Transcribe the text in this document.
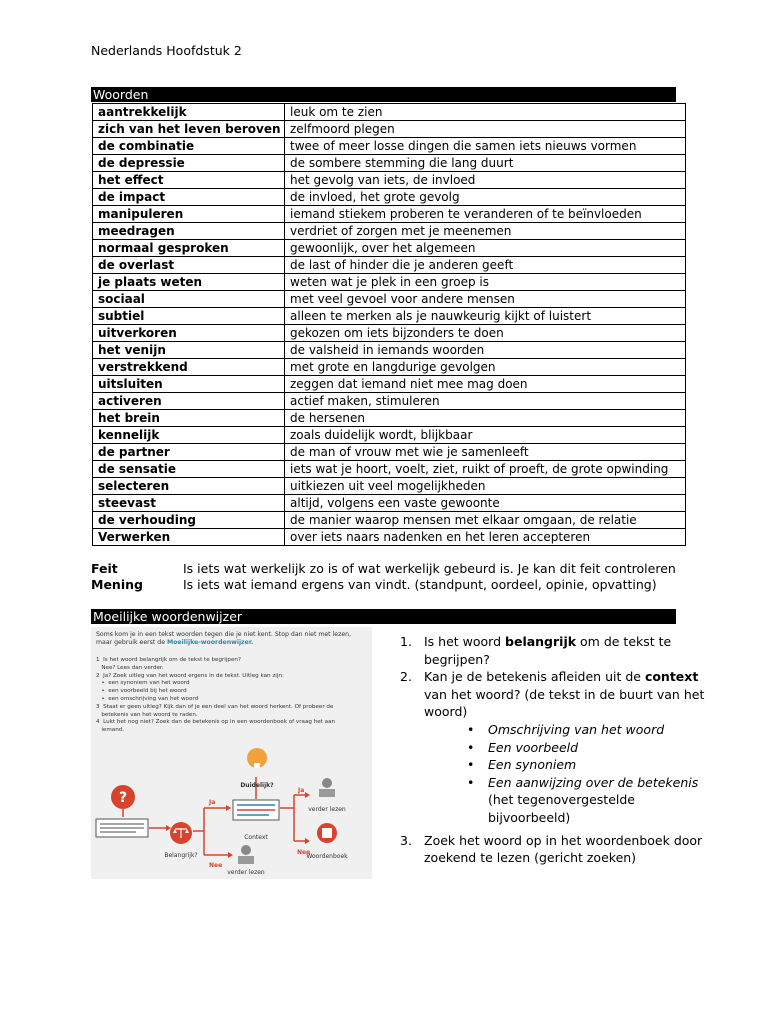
Nederlands Hoofdstuk 2
Woorden
aantrekkelijk	leuk om te zien
zich van het leven beroven	zelfmoord plegen
de combinatie	twee of meer losse dingen die samen iets nieuws vormen
de depressie	de sombere stemming die lang duurt
het effect	het gevolg van iets, de invloed
de impact	de invloed, het grote gevolg
manipuleren	iemand stiekem proberen te veranderen of te beïnvloeden
meedragen	verdriet of zorgen met je meenemen
normaal gesproken	gewoonlijk, over het algemeen
de overlast	de last of hinder die je anderen geeft
je plaats weten	weten wat je plek in een groep is
sociaal	met veel gevoel voor andere mensen
subtiel	alleen te merken als je nauwkeurig kijkt of luistert
uitverkoren	gekozen om iets bijzonders te doen
het venijn	de valsheid in iemands woorden
verstrekkend	met grote en langdurige gevolgen
uitsluiten	zeggen dat iemand niet mee mag doen
activeren	actief maken, stimuleren
het brein	de hersenen
kennelijk	zoals duidelijk wordt, blijkbaar
de partner	de man of vrouw met wie je samenleeft
de sensatie	iets wat je hoort, voelt, ziet, ruikt of proeft, de grote opwinding
selecteren	uitkiezen uit veel mogelijkheden
steevast	altijd, volgens een vaste gewoonte
de verhouding	de manier waarop mensen met elkaar omgaan, de relatie
Verwerken	over iets naars nadenken en het leren accepteren
Feit	Is iets wat werkelijk zo is of wat werkelijk gebeurd is. Je kan dit feit controleren
Mening	Is iets wat iemand ergens van vindt. (standpunt, oordeel, opinie, opvatting)
Moeilijke woordenwijzer
Soms kom je in een tekst woorden tegen die je niet kent. Stop dan niet met lezen, maar gebruik eerst de Moeilijke-woordenwijzer.
1  Is het woord belangrijk om de tekst te begrijpen?
Nee? Lees dan verder.
2  Ja? Zoek uitleg van het woord ergens in de tekst. Uitleg kan zijn:
•  een synoniem van het woord
•  een voorbeeld bij het woord
•  een omschrijving van het woord
3  Staat er geen uitleg? Kijk dan of je een deel van het woord herkent. Of probeer de
betekenis van het woord te raden.
4  Lukt het nog niet? Zoek dan de betekenis op in een woordenboek of vraag het aan
iemand.
?
Belangrijk?
Ja
Nee
Context
Duidelijk?
Ja
Nee
verder lezen
Woordenboek
verder lezen
1. Is het woord belangrijk om de tekst te begrijpen?
2. Kan je de betekenis afleiden uit de context van het woord? (de tekst in de buurt van het woord)
• Omschrijving van het woord
• Een voorbeeld
• Een synoniem
• Een aanwijzing over de betekenis (het tegenovergestelde bijvoorbeeld)
3. Zoek het woord op in het woordenboek door zoekend te lezen (gericht zoeken)
